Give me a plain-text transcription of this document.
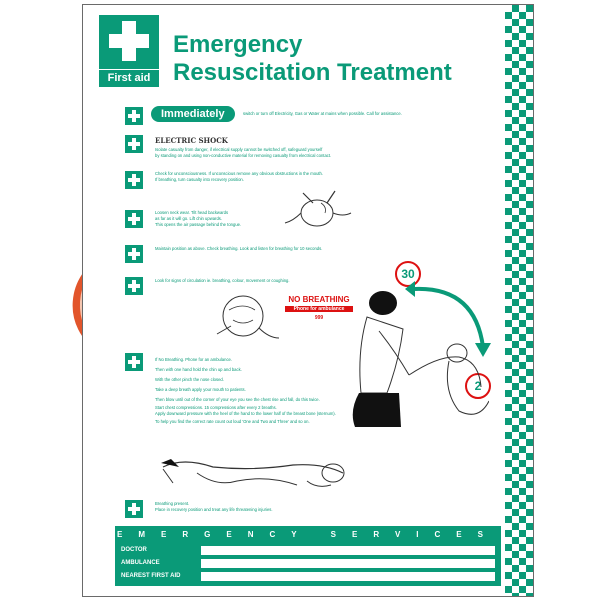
First aid
Emergency
Resuscitation Treatment
Immediately	switch or turn off Electricity, Gas or Water at mains when possible. Call for assistance.
ELECTRIC SHOCK
Isolate casualty from danger, if electrical supply cannot be switched off, safeguard yourself
by standing on and using non-conductive material for removing casualty from electrical contact.
Check for unconsciousness. If unconscious remove any obvious obstructions in the mouth.
If breathing, turn casualty into recovery position.
Loosen neck wear. Tilt head backwards
as far as it will go. Lift chin upwards.
This opens the air passage behind the tongue.
Maintain position as above. Check breathing. Look and listen for breathing for 10 seconds.
Look for signs of circulation ie. breathing, colour, movement or coughing.
If No Breathing. Phone for an ambulance.
Then with one hand hold the chin up and back.
With the other pinch the nose closed.
Take a deep breath apply your mouth to patients.
Then blow until out of the corner of your eye you see the chest rise and fall, do this twice.
Start chest compressions. 15 compressions after every 2 breaths.
Apply downward pressure with the heel of the hand to the lower half of the breast bone (sternum).
To help you find the correct rate count out loud 'One and Two and Three' and so on.
Breathing present.
Place in recovery position and treat any life threatening injuries.
NO BREATHING
Phone for ambulance
999
30
2
EMERGENCY SERVICES
DOCTOR
AMBULANCE
NEAREST FIRST AID
